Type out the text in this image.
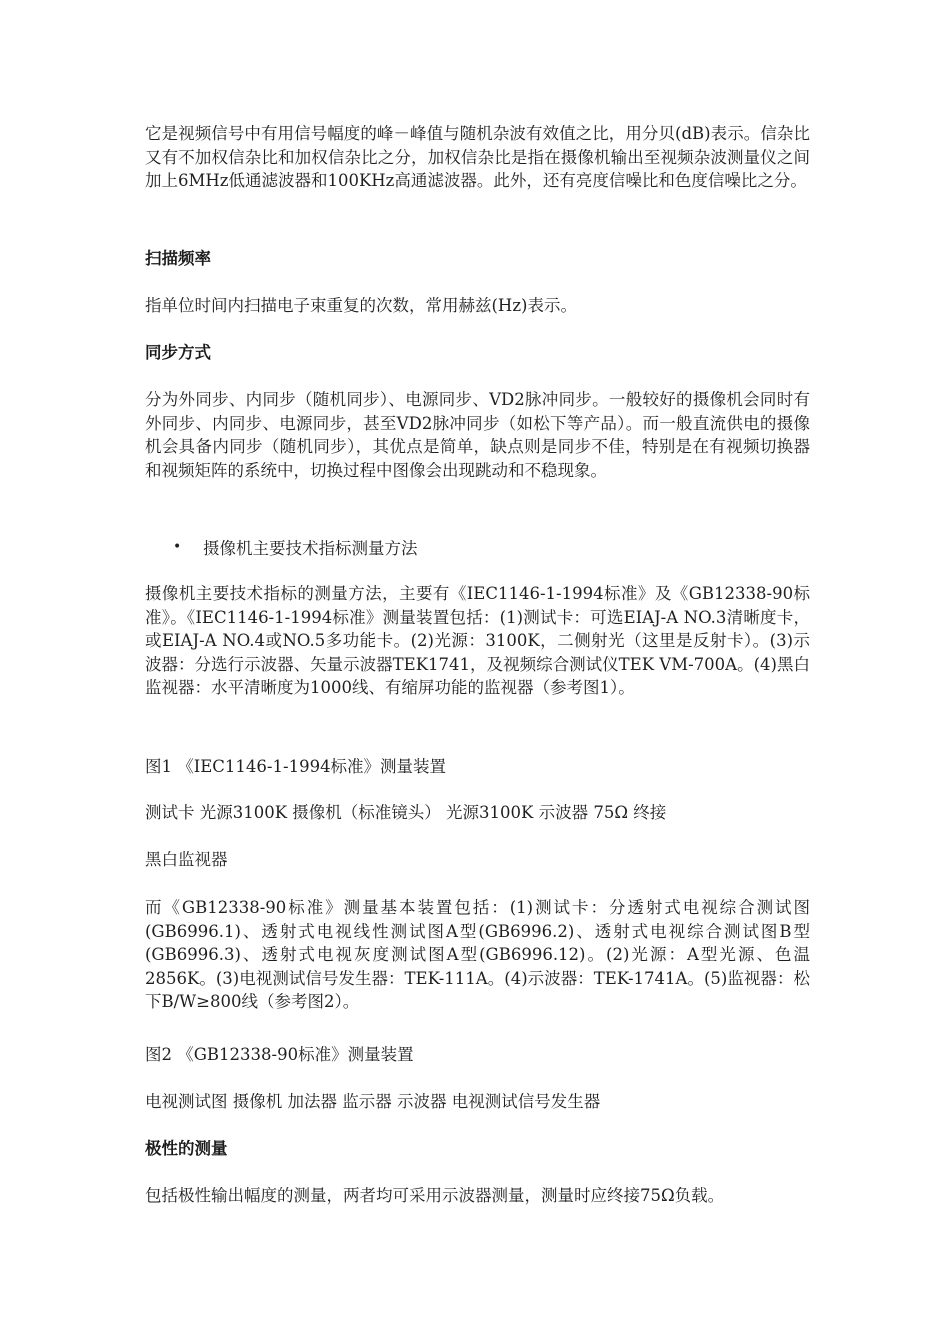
它是视频信号中有用信号幅度的峰－峰值与随机杂波有效值之比，用分贝(dB)表示。信杂比又有不加权信杂比和加权信杂比之分，加权信杂比是指在摄像机输出至视频杂波测量仪之间加上6MHz低通滤波器和100KHz高通滤波器。此外，还有亮度信噪比和色度信噪比之分。

扫描频率

指单位时间内扫描电子束重复的次数，常用赫兹(Hz)表示。

同步方式

分为外同步、内同步（随机同步）、电源同步、VD2脉冲同步。一般较好的摄像机会同时有外同步、内同步、电源同步，甚至VD2脉冲同步（如松下等产品）。而一般直流供电的摄像机会具备内同步（随机同步），其优点是简单，缺点则是同步不佳，特别是在有视频切换器和视频矩阵的系统中，切换过程中图像会出现跳动和不稳现象。

•	摄像机主要技术指标测量方法

摄像机主要技术指标的测量方法，主要有《IEC1146-1-1994标准》及《GB12338-90标准》。《IEC1146-1-1994标准》测量装置包括：(1)测试卡：可选EIAJ-A NO.3清晰度卡，或EIAJ-A NO.4或NO.5多功能卡。(2)光源：3100K，二侧射光（这里是反射卡）。(3)示波器：分选行示波器、矢量示波器TEK1741，及视频综合测试仪TEK VM-700A。(4)黑白监视器：水平清晰度为1000线、有缩屏功能的监视器（参考图1）。

图1 《IEC1146-1-1994标准》测量装置

测试卡 光源3100K 摄像机（标准镜头） 光源3100K 示波器 75Ω 终接

黑白监视器

而《GB12338-90标准》测量基本装置包括：(1)测试卡：分透射式电视综合测试图(GB6996.1)、透射式电视线性测试图A型(GB6996.2)、透射式电视综合测试图B型(GB6996.3)、透射式电视灰度测试图A型(GB6996.12)。(2)光源：A型光源、色温2856K。(3)电视测试信号发生器：TEK-111A。(4)示波器：TEK-1741A。(5)监视器：松下B/W≥800线（参考图2）。

图2 《GB12338-90标准》测量装置

电视测试图 摄像机 加法器 监示器 示波器 电视测试信号发生器

极性的测量

包括极性输出幅度的测量，两者均可采用示波器测量，测量时应终接75Ω负载。
